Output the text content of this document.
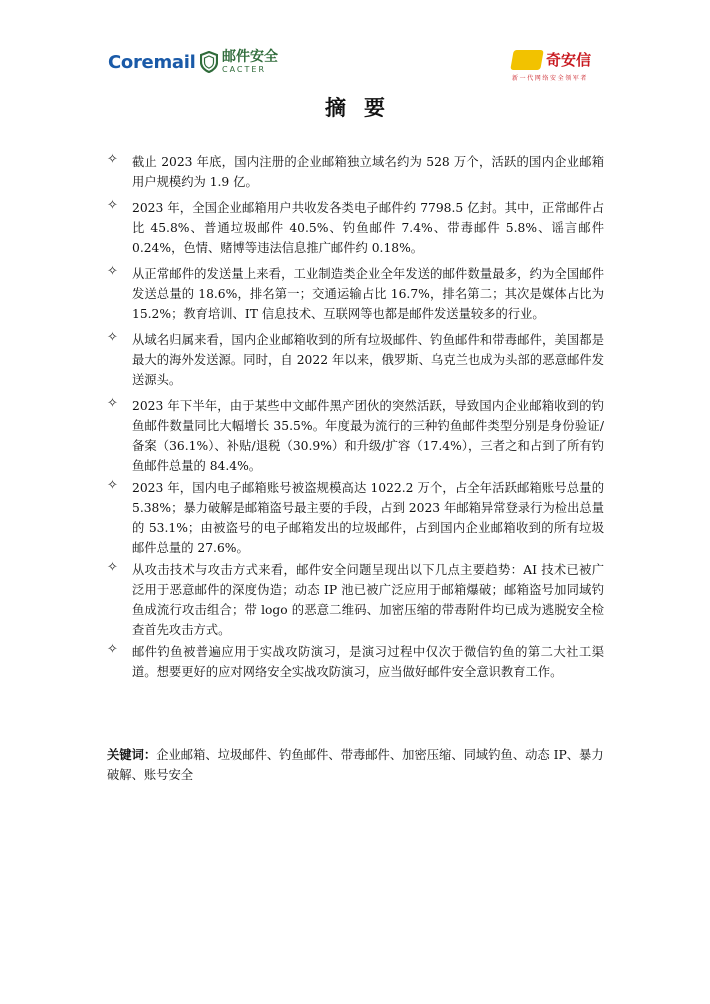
Coremail 邮件安全
CACTER
奇安信
新一代网络安全领军者
摘要
✧ 截止 2023 年底，国内注册的企业邮箱独立域名约为 528 万个，活跃的国内企业邮箱用户规模约为 1.9 亿。
✧ 2023 年，全国企业邮箱用户共收发各类电子邮件约 7798.5 亿封。其中，正常邮件占比 45.8%、普通垃圾邮件 40.5%、钓鱼邮件 7.4%、带毒邮件 5.8%、谣言邮件 0.24%，色情、赌博等违法信息推广邮件约 0.18%。
✧ 从正常邮件的发送量上来看，工业制造类企业全年发送的邮件数量最多，约为全国邮件发送总量的 18.6%，排名第一；交通运输占比 16.7%，排名第二；其次是媒体占比为 15.2%；教育培训、IT 信息技术、互联网等也都是邮件发送量较多的行业。
✧ 从域名归属来看，国内企业邮箱收到的所有垃圾邮件、钓鱼邮件和带毒邮件，美国都是最大的海外发送源。同时，自 2022 年以来，俄罗斯、乌克兰也成为头部的恶意邮件发送源头。
✧ 2023 年下半年，由于某些中文邮件黑产团伙的突然活跃，导致国内企业邮箱收到的钓鱼邮件数量同比大幅增长 35.5%。年度最为流行的三种钓鱼邮件类型分别是身份验证/备案（36.1%）、补贴/退税（30.9%）和升级/扩容（17.4%），三者之和占到了所有钓鱼邮件总量的 84.4%。
✧ 2023 年，国内电子邮箱账号被盗规模高达 1022.2 万个，占全年活跃邮箱账号总量的 5.38%；暴力破解是邮箱盗号最主要的手段，占到 2023 年邮箱异常登录行为检出总量的 53.1%；由被盗号的电子邮箱发出的垃圾邮件，占到国内企业邮箱收到的所有垃圾邮件总量的 27.6%。
✧ 从攻击技术与攻击方式来看，邮件安全问题呈现出以下几点主要趋势：AI 技术已被广泛用于恶意邮件的深度伪造；动态 IP 池已被广泛应用于邮箱爆破；邮箱盗号加同域钓鱼成流行攻击组合；带 logo 的恶意二维码、加密压缩的带毒附件均已成为逃脱安全检查首先攻击方式。
✧ 邮件钓鱼被普遍应用于实战攻防演习，是演习过程中仅次于微信钓鱼的第二大社工渠道。想要更好的应对网络安全实战攻防演习，应当做好邮件安全意识教育工作。
关键词：企业邮箱、垃圾邮件、钓鱼邮件、带毒邮件、加密压缩、同域钓鱼、动态 IP、暴力破解、账号安全
